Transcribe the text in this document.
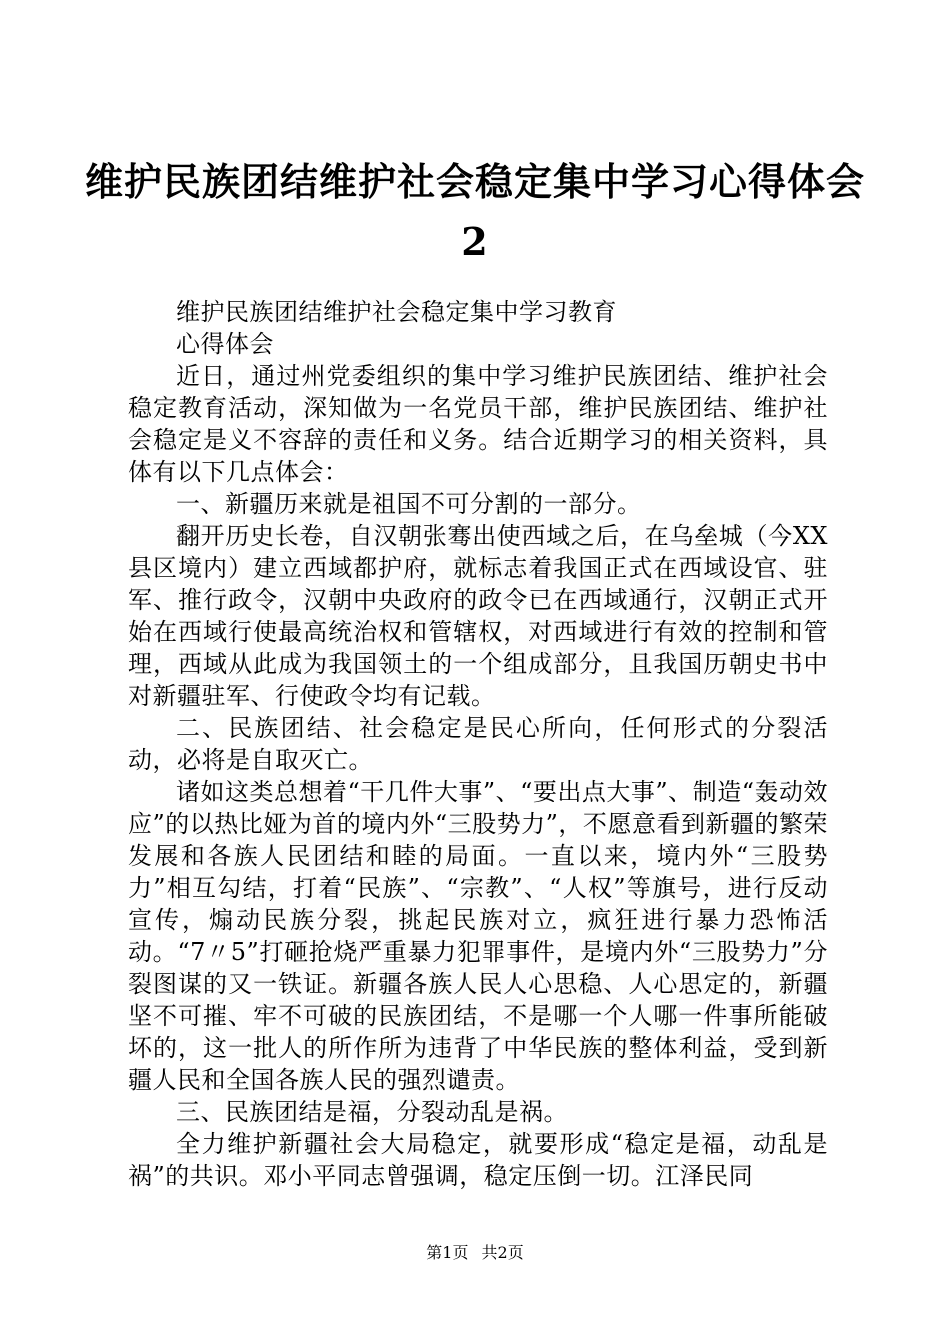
维护民族团结维护社会稳定集中学习心得体会
2

维护民族团结维护社会稳定集中学习教育

心得体会

近日，通过州党委组织的集中学习维护民族团结、维护社会稳定教育活动，深知做为一名党员干部，维护民族团结、维护社会稳定是义不容辞的责任和义务。结合近期学习的相关资料，具体有以下几点体会：

一、新疆历来就是祖国不可分割的一部分。

翻开历史长卷，自汉朝张骞出使西域之后，在乌垒城（今XX县区境内）建立西域都护府，就标志着我国正式在西域设官、驻军、推行政令，汉朝中央政府的政令已在西域通行，汉朝正式开始在西域行使最高统治权和管辖权，对西域进行有效的控制和管理，西域从此成为我国领土的一个组成部分，且我国历朝史书中对新疆驻军、行使政令均有记载。

二、民族团结、社会稳定是民心所向，任何形式的分裂活动，必将是自取灭亡。

诸如这类总想着“干几件大事”、“要出点大事”、制造“轰动效应”的以热比娅为首的境内外“三股势力”，不愿意看到新疆的繁荣发展和各族人民团结和睦的局面。一直以来，境内外“三股势力”相互勾结，打着“民族”、“宗教”、“人权”等旗号，进行反动宣传，煽动民族分裂，挑起民族对立，疯狂进行暴力恐怖活动。“7〃5”打砸抢烧严重暴力犯罪事件，是境内外“三股势力”分裂图谋的又一铁证。新疆各族人民人心思稳、人心思定的，新疆坚不可摧、牢不可破的民族团结，不是哪一个人哪一件事所能破坏的，这一批人的所作所为违背了中华民族的整体利益，受到新疆人民和全国各族人民的强烈谴责。

三、民族团结是福，分裂动乱是祸。

全力维护新疆社会大局稳定，就要形成“稳定是福，动乱是祸”的共识。邓小平同志曾强调，稳定压倒一切。江泽民同

第1页 共2页
